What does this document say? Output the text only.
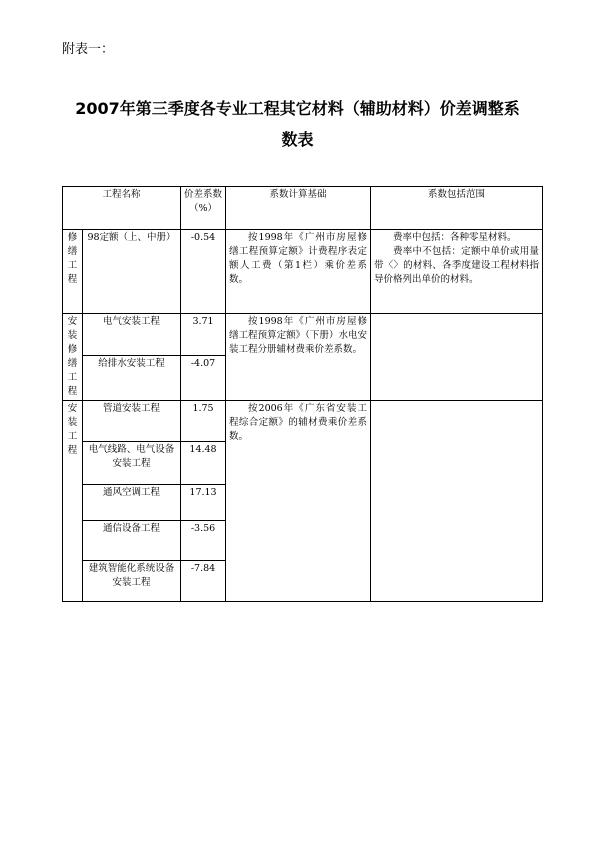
附表一：
2007年第三季度各专业工程其它材料（辅助材料）价差调整系
数表
工程名称		价差系数（%）	系数计算基础	系数包括范围

修缮工程	98定额（上、中册）	-0.54	按1998年《广州市房屋修缮工程预算定额》计费程序表定额人工费（第1栏）乘价差系数。	费率中包括：各种零星材料。
费率中不包括：定额中单价或用量带〈〉的材料、各季度建设工程材料指导价格列出单价的材料。

安装修缮工程	电气安装工程	3.71	按1998年《广州市房屋修缮工程预算定额》（下册）水电安装工程分册辅材费乘价差系数。	
	给排水安装工程	-4.07		

安装工程	管道安装工程	1.75	按2006年《广东省安装工程综合定额》的辅材费乘价差系数。	
	电气线路、电气设备安装工程	14.48		
	通风空调工程	17.13		
	通信设备工程	-3.56		
	建筑智能化系统设备安装工程	-7.84		
